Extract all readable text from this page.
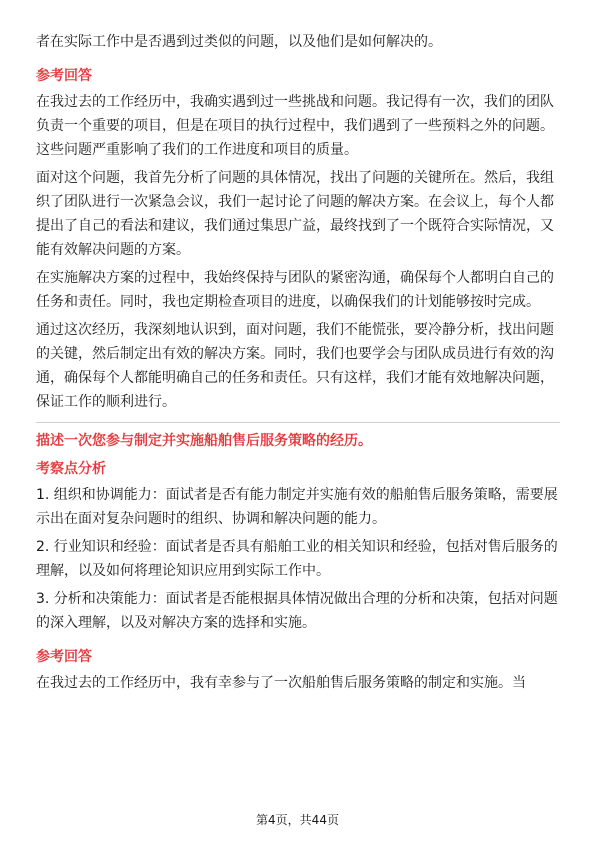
者在实际工作中是否遇到过类似的问题，以及他们是如何解决的。

参考回答

在我过去的工作经历中，我确实遇到过一些挑战和问题。我记得有一次，我们的团队负责一个重要的项目，但是在项目的执行过程中，我们遇到了一些预料之外的问题。这些问题严重影响了我们的工作进度和项目的质量。

面对这个问题，我首先分析了问题的具体情况，找出了问题的关键所在。然后，我组织了团队进行一次紧急会议，我们一起讨论了问题的解决方案。在会议上，每个人都提出了自己的看法和建议，我们通过集思广益，最终找到了一个既符合实际情况，又能有效解决问题的方案。

在实施解决方案的过程中，我始终保持与团队的紧密沟通，确保每个人都明白自己的任务和责任。同时，我也定期检查项目的进度，以确保我们的计划能够按时完成。

通过这次经历，我深刻地认识到，面对问题，我们不能慌张，要冷静分析，找出问题的关键，然后制定出有效的解决方案。同时，我们也要学会与团队成员进行有效的沟通，确保每个人都能明确自己的任务和责任。只有这样，我们才能有效地解决问题，保证工作的顺利进行。

描述一次您参与制定并实施船舶售后服务策略的经历。
考察点分析

1. 组织和协调能力：面试者是否有能力制定并实施有效的船舶售后服务策略，需要展示出在面对复杂问题时的组织、协调和解决问题的能力。

2. 行业知识和经验：面试者是否具有船舶工业的相关知识和经验，包括对售后服务的理解，以及如何将理论知识应用到实际工作中。

3. 分析和决策能力：面试者是否能根据具体情况做出合理的分析和决策，包括对问题的深入理解，以及对解决方案的选择和实施。

参考回答

在我过去的工作经历中，我有幸参与了一次船舶售后服务策略的制定和实施。当

第4页，共44页
